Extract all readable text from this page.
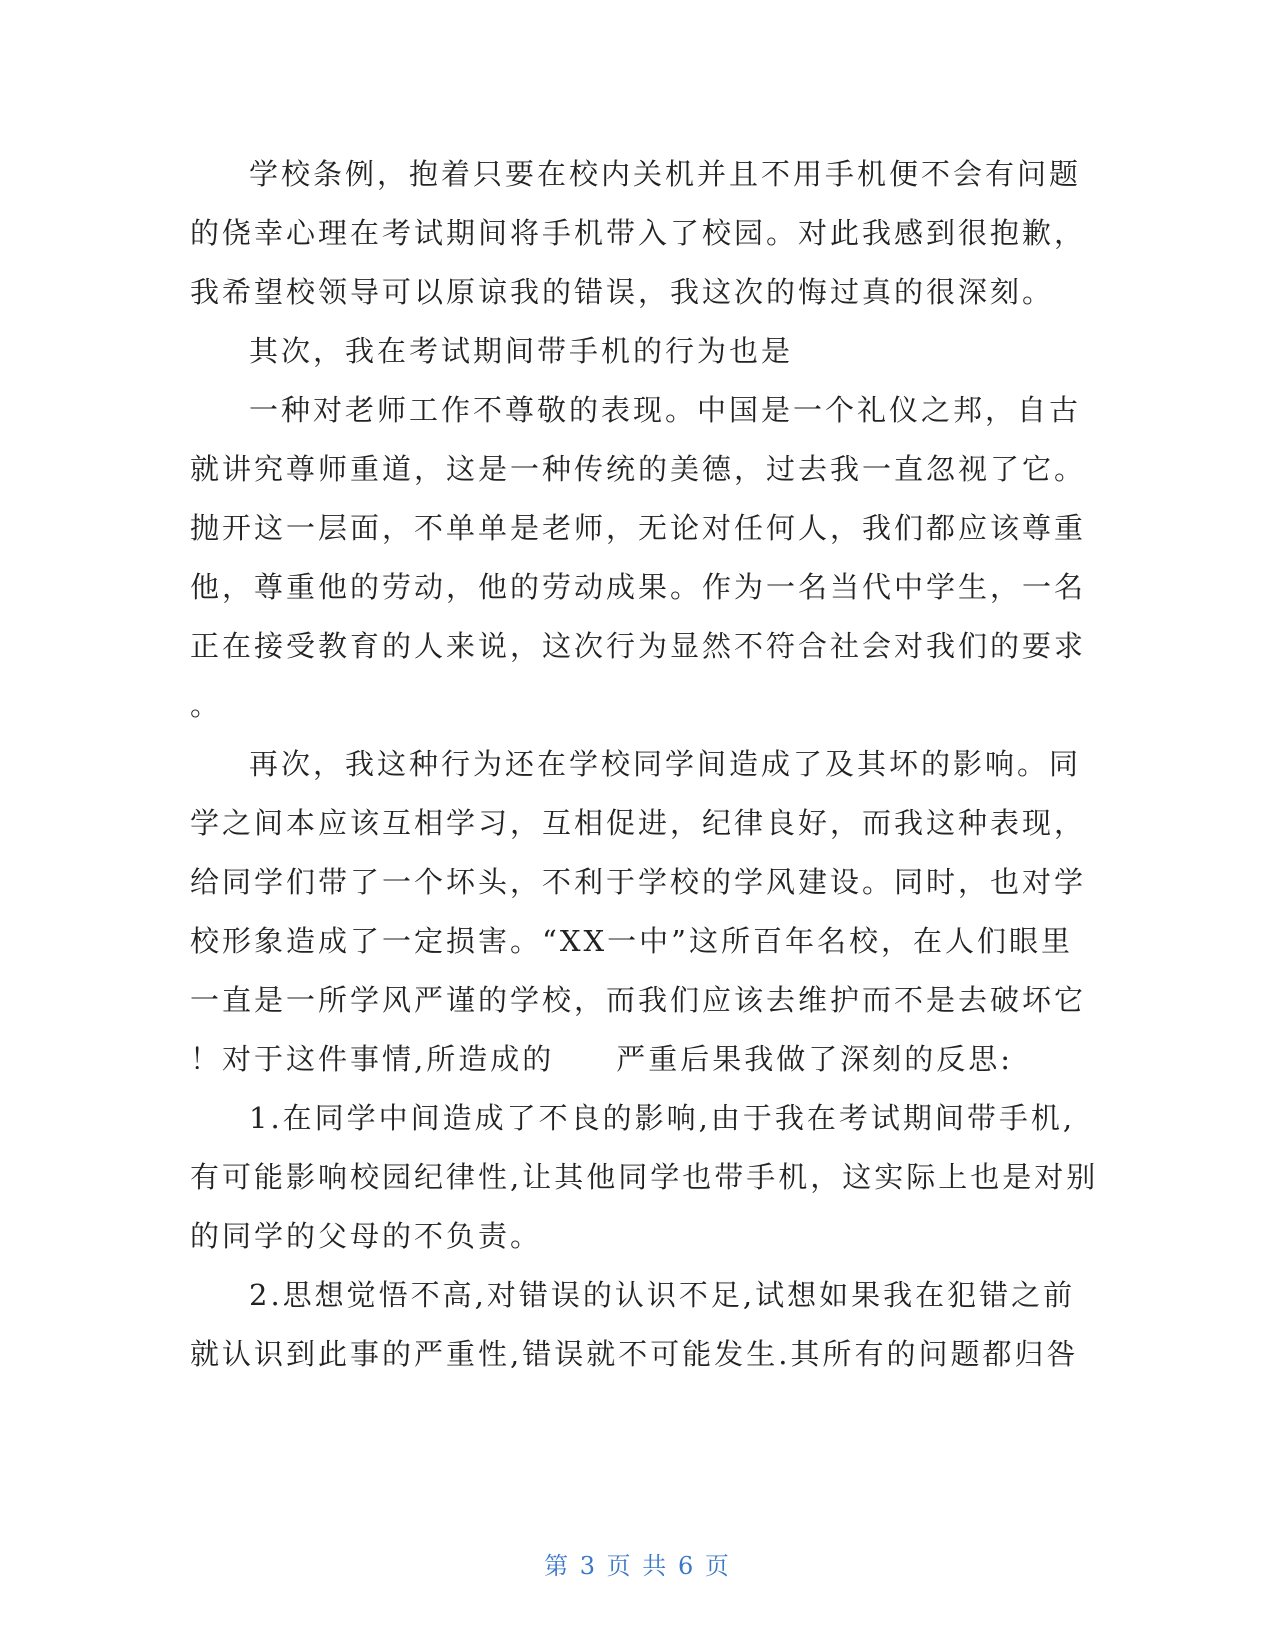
学校条例，抱着只要在校内关机并且不用手机便不会有问题
的侥幸心理在考试期间将手机带入了校园。对此我感到很抱歉，
我希望校领导可以原谅我的错误，我这次的悔过真的很深刻。
其次，我在考试期间带手机的行为也是
一种对老师工作不尊敬的表现。中国是一个礼仪之邦，自古
就讲究尊师重道，这是一种传统的美德，过去我一直忽视了它。
抛开这一层面，不单单是老师，无论对任何人，我们都应该尊重
他，尊重他的劳动，他的劳动成果。作为一名当代中学生，一名
正在接受教育的人来说，这次行为显然不符合社会对我们的要求
。
再次，我这种行为还在学校同学间造成了及其坏的影响。同
学之间本应该互相学习，互相促进，纪律良好，而我这种表现，
给同学们带了一个坏头，不利于学校的学风建设。同时，也对学
校形象造成了一定损害。“XX一中”这所百年名校，在人们眼里
一直是一所学风严谨的学校，而我们应该去维护而不是去破坏它
！对于这件事情,所造成的 严重后果我做了深刻的反思:
1.在同学中间造成了不良的影响,由于我在考试期间带手机,
有可能影响校园纪律性,让其他同学也带手机，这实际上也是对别
的同学的父母的不负责。
2.思想觉悟不高,对错误的认识不足,试想如果我在犯错之前
就认识到此事的严重性,错误就不可能发生.其所有的问题都归咎
第 3 页 共 6 页
